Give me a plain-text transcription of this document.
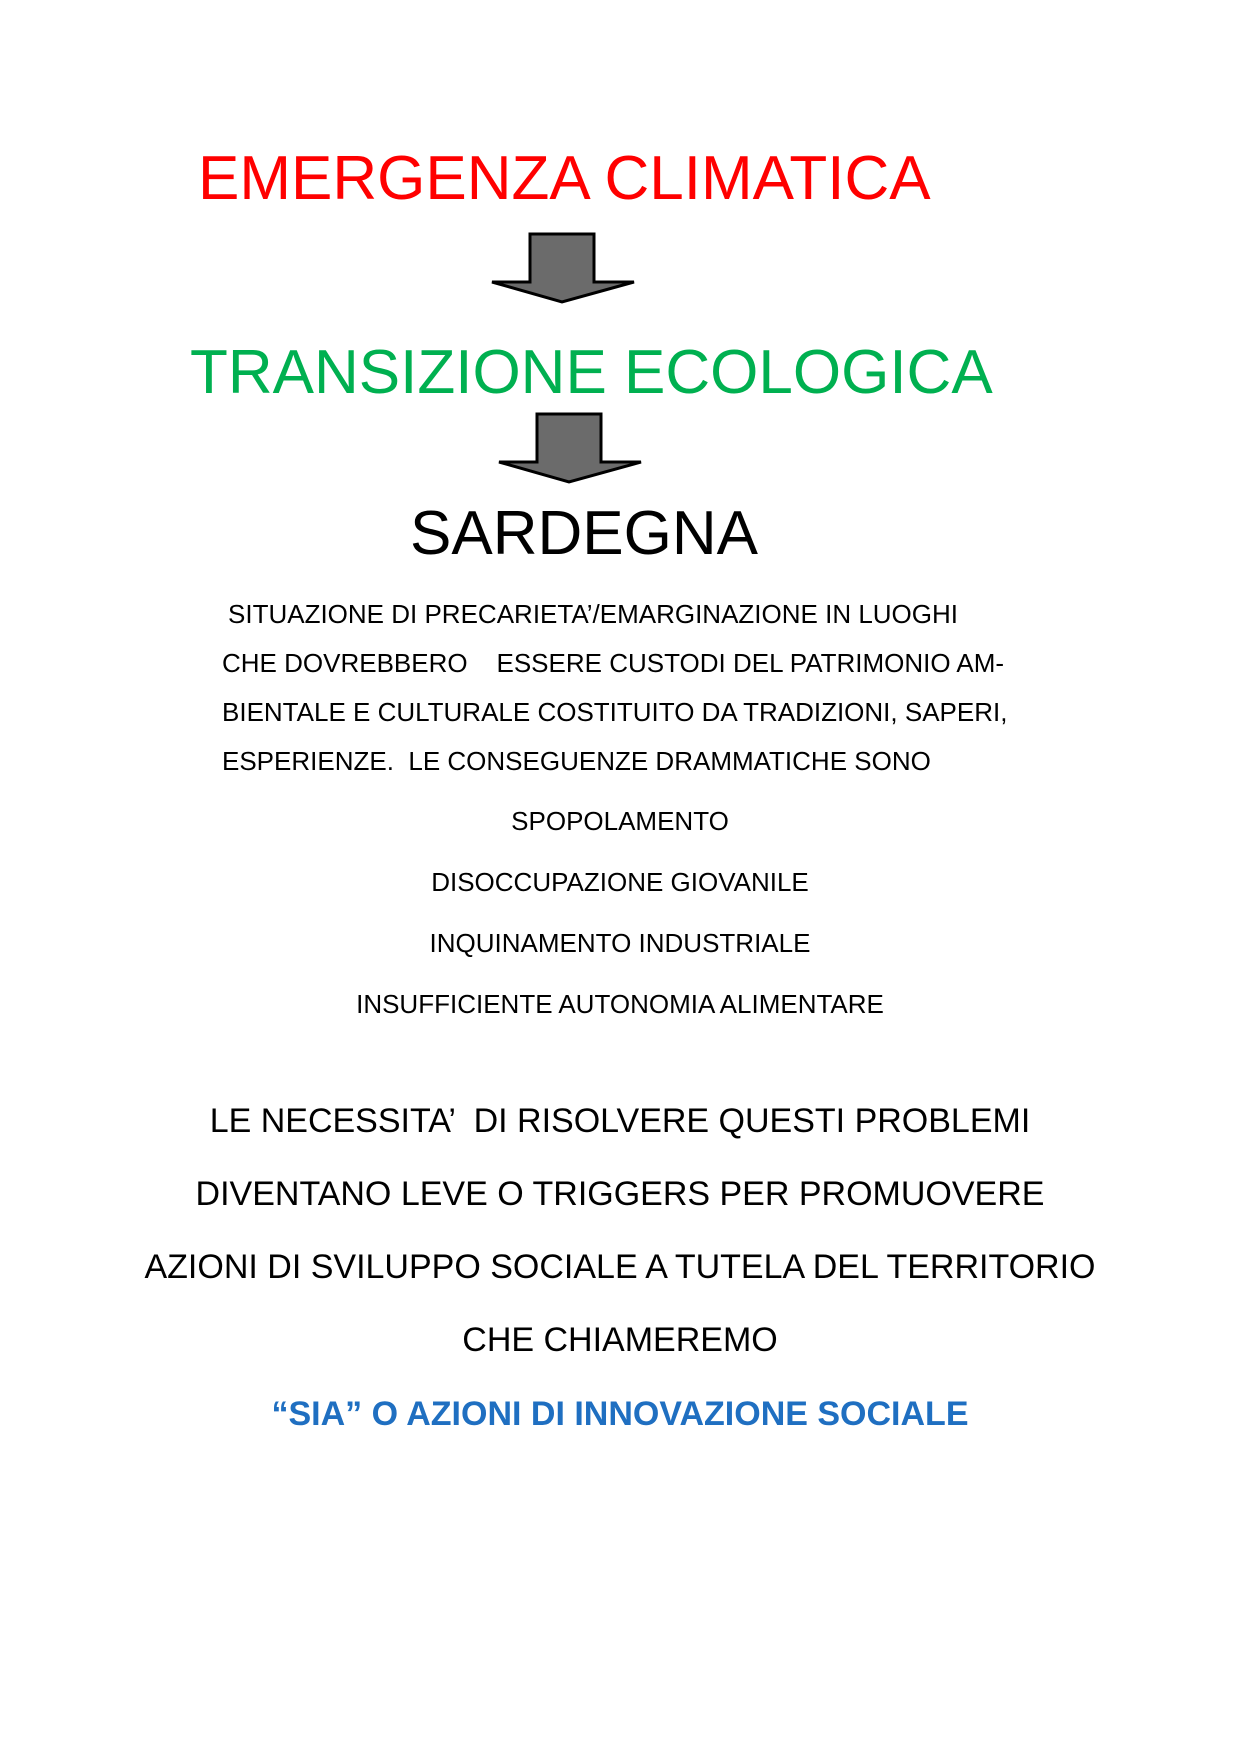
EMERGENZA CLIMATICA
TRANSIZIONE ECOLOGICA
SARDEGNA
SITUAZIONE DI PRECARIETA’/EMARGINAZIONE IN LUOGHI
CHE DOVREBBERO    ESSERE CUSTODI DEL PATRIMONIO AM-
BIENTALE E CULTURALE COSTITUITO DA TRADIZIONI, SAPERI,
ESPERIENZE.  LE CONSEGUENZE DRAMMATICHE SONO
SPOPOLAMENTO
DISOCCUPAZIONE GIOVANILE
INQUINAMENTO INDUSTRIALE
INSUFFICIENTE AUTONOMIA ALIMENTARE
LE NECESSITA’  DI RISOLVERE QUESTI PROBLEMI
DIVENTANO LEVE O TRIGGERS PER PROMUOVERE
AZIONI DI SVILUPPO SOCIALE A TUTELA DEL TERRITORIO
CHE CHIAMEREMO
“SIA” O AZIONI DI INNOVAZIONE SOCIALE
